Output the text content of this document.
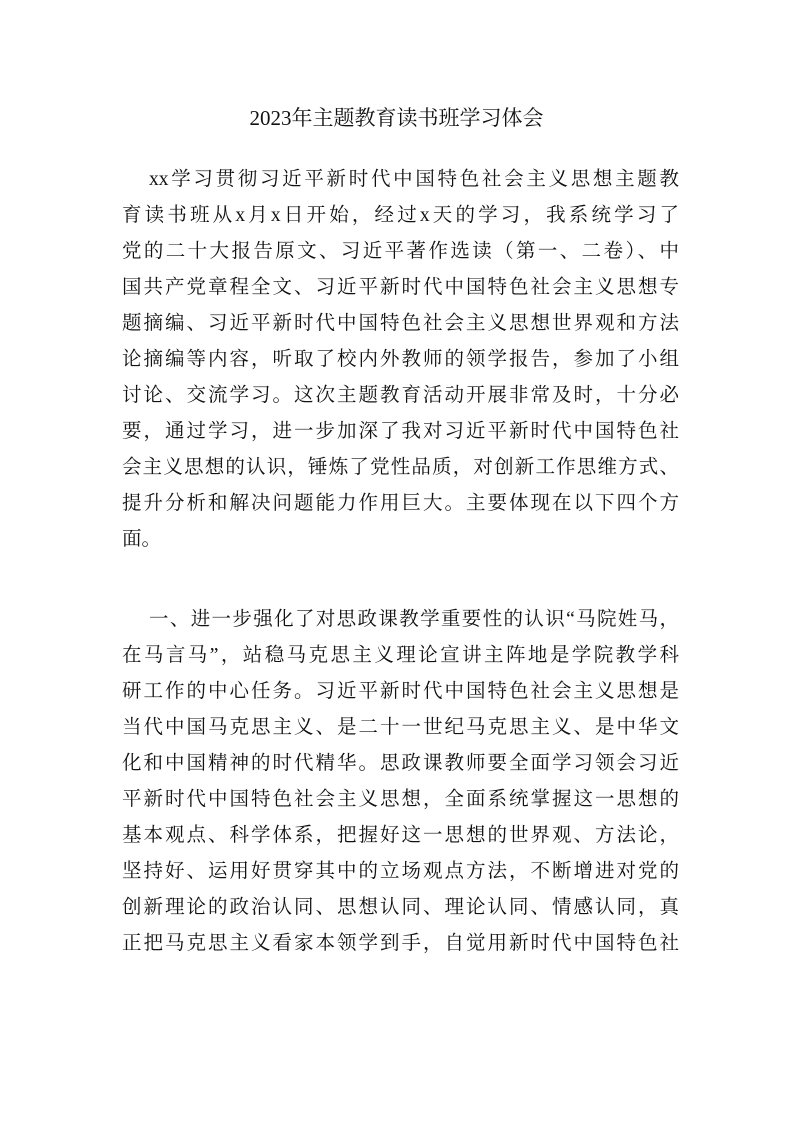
2023年主题教育读书班学习体会
xx学习贯彻习近平新时代中国特色社会主义思想主题教
育读书班从x月x日开始，经过x天的学习，我系统学习了
党的二十大报告原文、习近平著作选读（第一、二卷）、中
国共产党章程全文、习近平新时代中国特色社会主义思想专
题摘编、习近平新时代中国特色社会主义思想世界观和方法
论摘编等内容，听取了校内外教师的领学报告，参加了小组
讨论、交流学习。这次主题教育活动开展非常及时，十分必
要，通过学习，进一步加深了我对习近平新时代中国特色社
会主义思想的认识，锤炼了党性品质，对创新工作思维方式、
提升分析和解决问题能力作用巨大。主要体现在以下四个方
面。
一、进一步强化了对思政课教学重要性的认识“马院姓马，
在马言马”，站稳马克思主义理论宣讲主阵地是学院教学科
研工作的中心任务。习近平新时代中国特色社会主义思想是
当代中国马克思主义、是二十一世纪马克思主义、是中华文
化和中国精神的时代精华。思政课教师要全面学习领会习近
平新时代中国特色社会主义思想，全面系统掌握这一思想的
基本观点、科学体系，把握好这一思想的世界观、方法论，
坚持好、运用好贯穿其中的立场观点方法，不断增进对党的
创新理论的政治认同、思想认同、理论认同、情感认同，真
正把马克思主义看家本领学到手，自觉用新时代中国特色社
